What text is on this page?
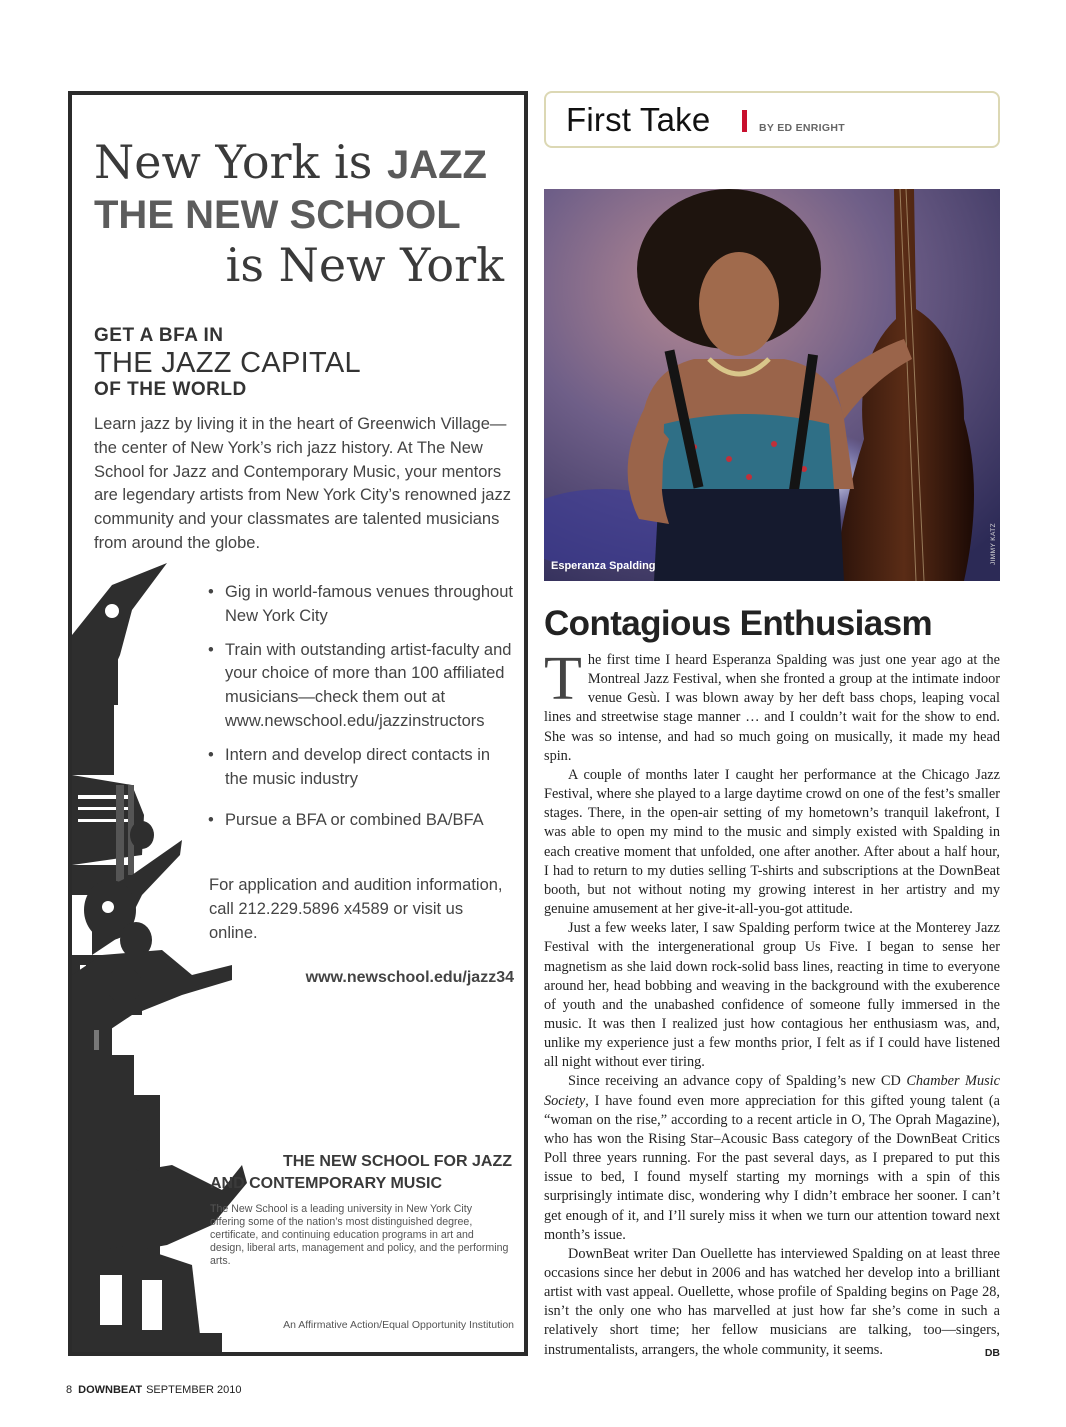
New York is JAZZ
THE NEW SCHOOL
is New York
GET A BFA IN
THE JAZZ CAPITAL
OF THE WORLD
Learn jazz by living it in the heart of Greenwich Village—the center of New York’s rich jazz history. At The New School for Jazz and Contemporary Music, your mentors are legendary artists from New York City’s renowned jazz community and your classmates are talented musicians from around the globe.
• Gig in world-famous venues throughout New York City
• Train with outstanding artist-faculty and your choice of more than 100 affiliated musicians—check them out at www.newschool.edu/jazzinstructors
• Intern and develop direct contacts in the music industry
• Pursue a BFA or combined BA/BFA
For application and audition information, call 212.229.5896 x4589 or visit us online.
www.newschool.edu/jazz34
THE NEW SCHOOL FOR JAZZ
AND CONTEMPORARY MUSIC
The New School is a leading university in New York City offering some of the nation’s most distinguished degree, certificate, and continuing education programs in art and design, liberal arts, management and policy, and the performing arts.
An Affirmative Action/Equal Opportunity Institution
First Take	BY ED ENRIGHT
Esperanza Spalding
JIMMY KATZ
Contagious Enthusiasm

The first time I heard Esperanza Spalding was just one year ago at the Montreal Jazz Festival, when she fronted a group at the intimate indoor venue Gesù. I was blown away by her deft bass chops, leaping vocal lines and streetwise stage manner … and I couldn’t wait for the show to end. She was so intense, and had so much going on musically, it made my head spin.

A couple of months later I caught her performance at the Chicago Jazz Festival, where she played to a large daytime crowd on one of the fest’s smaller stages. There, in the open-air setting of my hometown’s tranquil lakefront, I was able to open my mind to the music and simply existed with Spalding in each creative moment that unfolded, one after another. After about a half hour, I had to return to my duties selling T-shirts and subscriptions at the DownBeat booth, but not without noting my growing interest in her artistry and my genuine amusement at her give-it-all-you-got attitude.

Just a few weeks later, I saw Spalding perform twice at the Monterey Jazz Festival with the intergenerational group Us Five. I began to sense her magnetism as she laid down rock-solid bass lines, reacting in time to everyone around her, head bobbing and weaving in the background with the exuberence of youth and the unabashed confidence of someone fully immersed in the music. It was then I realized just how contagious her enthusiasm was, and, unlike my experience just a few months prior, I felt as if I could have listened all night without ever tiring.

Since receiving an advance copy of Spalding’s new CD Chamber Music Society, I have found even more appreciation for this gifted young talent (a “woman on the rise,” according to a recent article in O, The Oprah Magazine), who has won the Rising Star–Acousic Bass category of the DownBeat Critics Poll three years running. For the past several days, as I prepared to put this issue to bed, I found myself starting my mornings with a spin of this surprisingly intimate disc, wondering why I didn’t embrace her sooner. I can’t get enough of it, and I’ll surely miss it when we turn our attention toward next month’s issue.

DownBeat writer Dan Ouellette has interviewed Spalding on at least three occasions since her debut in 2006 and has watched her develop into a brilliant artist with vast appeal. Ouellette, whose profile of Spalding begins on Page 28, isn’t the only one who has marvelled at just how far she’s come in such a relatively short time; her fellow musicians are talking, too—singers, instrumentalists, arrangers, the whole community, it seems.	DB

8 DOWNBEAT SEPTEMBER 2010
